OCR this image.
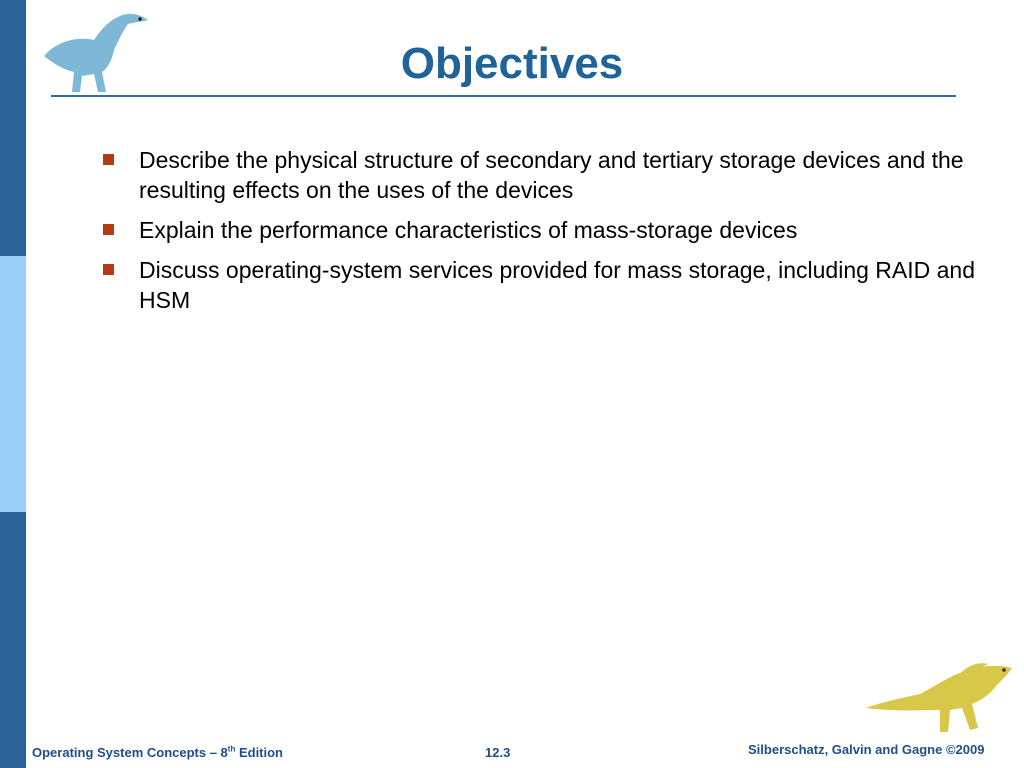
Objectives
Describe the physical structure of secondary and tertiary storage devices and the resulting effects on the uses of the devices
Explain the performance characteristics of mass-storage devices
Discuss operating-system services provided for mass storage, including RAID and HSM
Operating System Concepts – 8th Edition	12.3	Silberschatz, Galvin and Gagne ©2009
